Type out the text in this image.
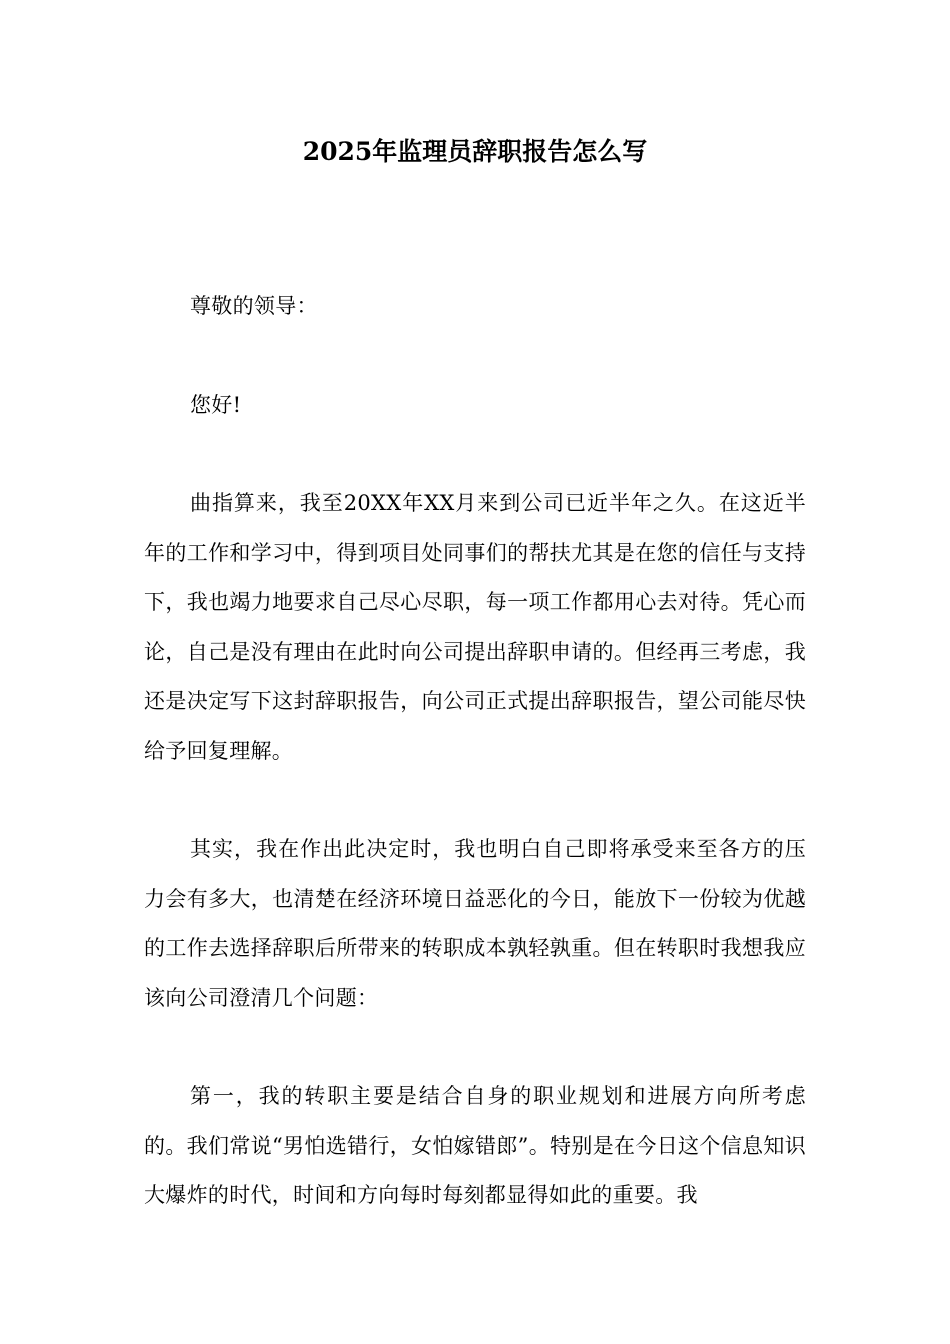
2025年监理员辞职报告怎么写
尊敬的领导：
您好!
曲指算来，我至20XX年XX月来到公司已近半年之久。在这近半年的工作和学习中，得到项目处同事们的帮扶尤其是在您的信任与支持下，我也竭力地要求自己尽心尽职，每一项工作都用心去对待。凭心而论，自己是没有理由在此时向公司提出辞职申请的。但经再三考虑，我还是决定写下这封辞职报告，向公司正式提出辞职报告，望公司能尽快给予回复理解。
其实，我在作出此决定时，我也明白自己即将承受来至各方的压力会有多大，也清楚在经济环境日益恶化的今日，能放下一份较为优越的工作去选择辞职后所带来的转职成本孰轻孰重。但在转职时我想我应该向公司澄清几个问题：
第一，我的转职主要是结合自身的职业规划和进展方向所考虑的。我们常说“男怕选错行，女怕嫁错郎”。特别是在今日这个信息知识大爆炸的时代，时间和方向每时每刻都显得如此的重要。我
